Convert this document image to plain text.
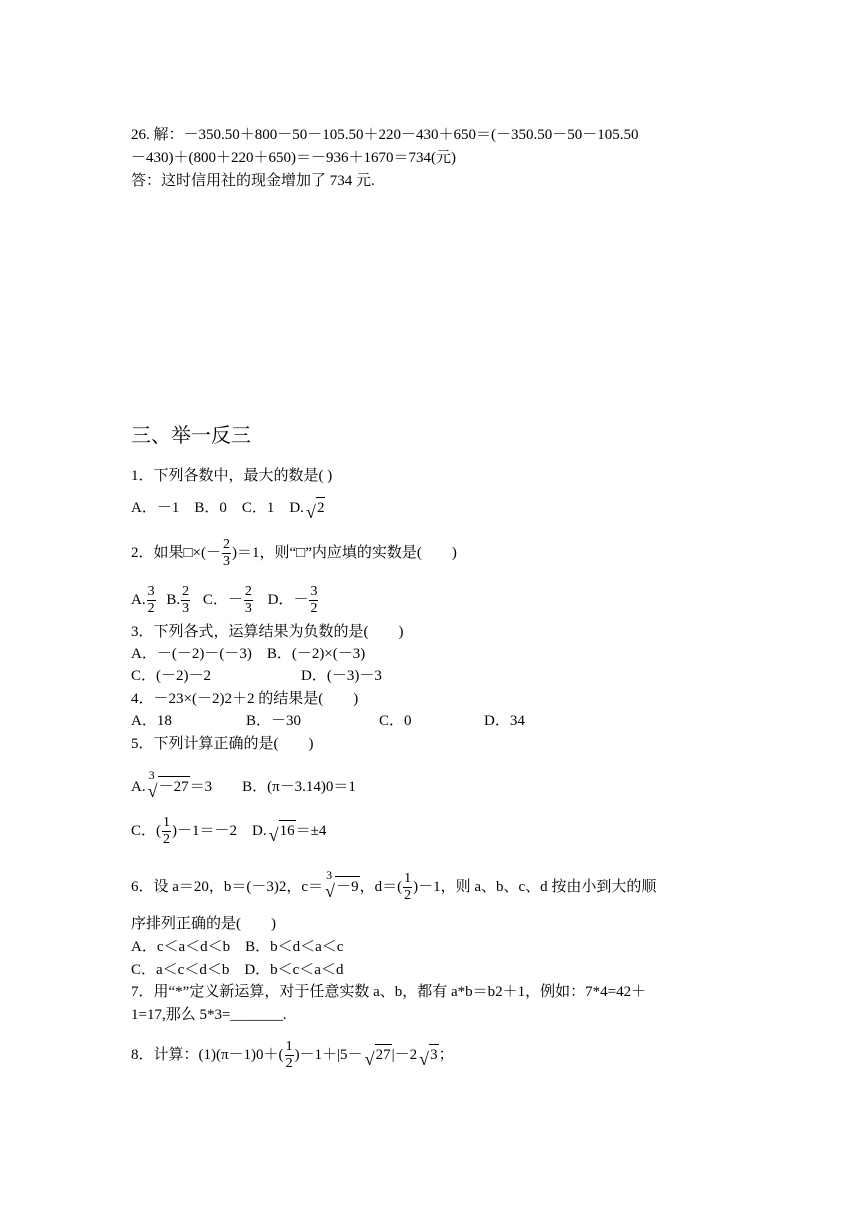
26. 解：－350.50＋800－50－105.50＋220－430＋650＝(－350.50－50－105.50
－430)＋(800＋220＋650)＝－936＋1670＝734(元)
答：这时信用社的现金增加了 734 元.
三、举一反三
1．下列各数中，最大的数是( )
A．－1　B．0　C．1　D. √ 2
2．如果□×(－ $\frac{2}{3} )=1$，则“□”内应填的实数是(　　)
A. $\frac{3}{2} B$. $\frac{2}{3}$ C．－ $\frac{2}{3}$ D．－ $\frac{3}{2}$
3．下列各式，运算结果为负数的是(　　)
A．－(－2)－(－3)　B．(－2)×(－3)
C．(－2)－2	D．(－3)－3
4．－23×(－2)2＋2 的结果是(　　)
A．18	B．－30	C．0	D．34
5．下列计算正确的是(　　)
A.
3
√ －27＝3　　B．(π－3.14)0＝1
C．( $\frac{1}{2} )-1=-2$　D. √ 16＝±4
6．设 a＝20，b＝(－3)2，c＝
3
√ －9，$d=( \frac{1}{2} )-1$，则 a、b、c、d 按由小到大的顺
序排列正确的是(　　)
A．c＜a＜d＜b　B．b＜d＜a＜c
C．a＜c＜d＜b　D．b＜c＜a＜d
7．用“*”定义新运算，对于任意实数 a、b，都有 a*b＝b2＋1，例如：7*4=42＋
1=17,那么 5*3=_______.
8．计算：$(1)(\pi-1)0+( \frac{1}{2} )-1+|5-$ √ 27|－2 √ 3；
